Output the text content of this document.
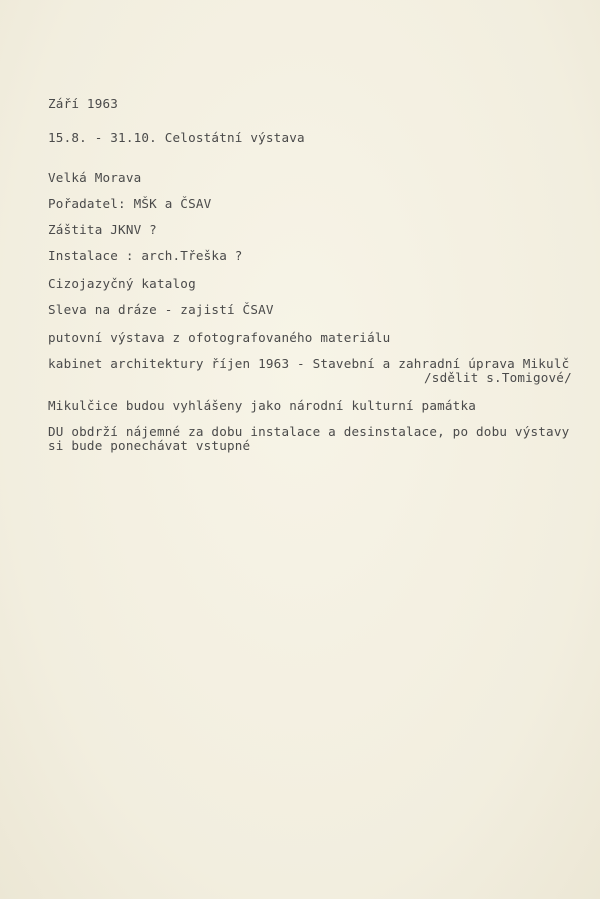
Září 1963
15.8. - 31.10. Celostátní výstava
Velká Morava
Pořadatel: MŠK a ČSAV
Záštita JKNV ?
Instalace : arch.Třeška ?
Cizojazyčný katalog
Sleva na dráze - zajistí ČSAV
putovní výstava z ofotografovaného materiálu
kabinet architektury říjen 1963 - Stavební a zahradní úprava Mikulč
/sdělit s.Tomigové/
Mikulčice budou vyhlášeny jako národní kulturní památka
DU obdrží nájemné za dobu instalace a desinstalace, po dobu výstavy
si bude ponechávat vstupné
